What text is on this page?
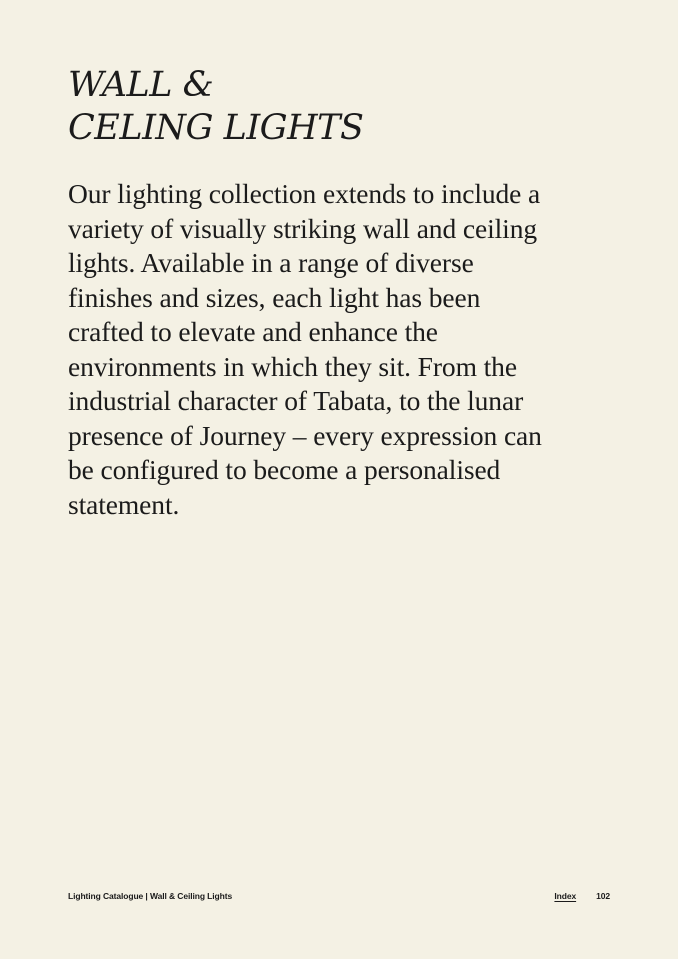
WALL &
CELING LIGHTS

Our lighting collection extends to include a variety of visually striking wall and ceiling lights. Available in a range of diverse finishes and sizes, each light has been crafted to elevate and enhance the environments in which they sit. From the industrial character of Tabata, to the lunar presence of Journey – every expression can be configured to become a personalised statement.

Lighting Catalogue | Wall & Ceiling Lights	Index 102
